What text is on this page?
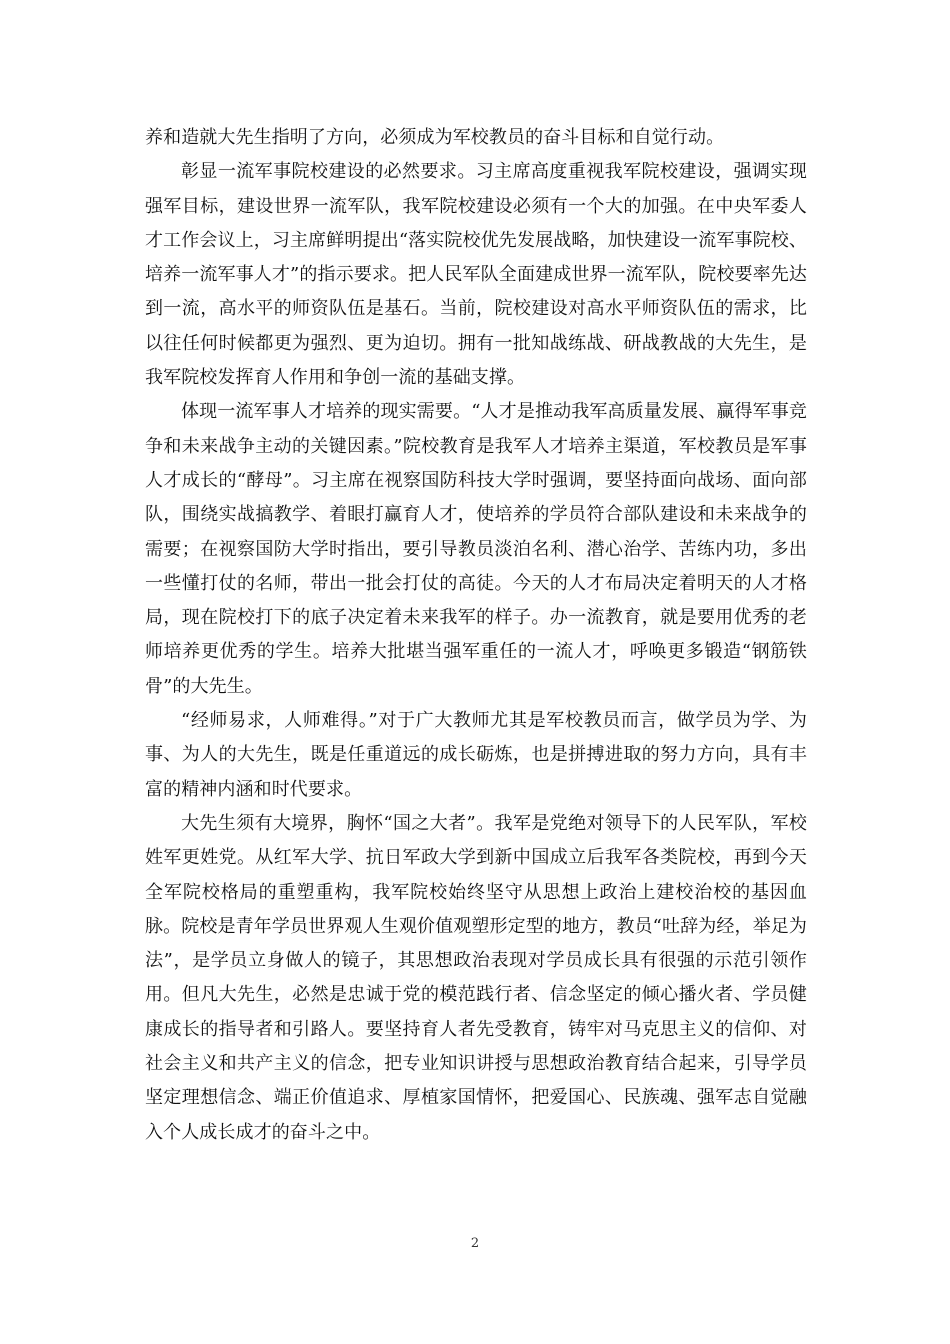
养和造就大先生指明了方向，必须成为军校教员的奋斗目标和自觉行动。

彰显一流军事院校建设的必然要求。习主席高度重视我军院校建设，强调实现强军目标，建设世界一流军队，我军院校建设必须有一个大的加强。在中央军委人才工作会议上，习主席鲜明提出“落实院校优先发展战略，加快建设一流军事院校、培养一流军事人才”的指示要求。把人民军队全面建成世界一流军队，院校要率先达到一流，高水平的师资队伍是基石。当前，院校建设对高水平师资队伍的需求，比以往任何时候都更为强烈、更为迫切。拥有一批知战练战、研战教战的大先生，是我军院校发挥育人作用和争创一流的基础支撑。

体现一流军事人才培养的现实需要。“人才是推动我军高质量发展、赢得军事竞争和未来战争主动的关键因素。”院校教育是我军人才培养主渠道，军校教员是军事人才成长的“酵母”。习主席在视察国防科技大学时强调，要坚持面向战场、面向部队，围绕实战搞教学、着眼打赢育人才，使培养的学员符合部队建设和未来战争的需要；在视察国防大学时指出，要引导教员淡泊名利、潜心治学、苦练内功，多出一些懂打仗的名师，带出一批会打仗的高徒。今天的人才布局决定着明天的人才格局，现在院校打下的底子决定着未来我军的样子。办一流教育，就是要用优秀的老师培养更优秀的学生。培养大批堪当强军重任的一流人才，呼唤更多锻造“钢筋铁骨”的大先生。

“经师易求，人师难得。”对于广大教师尤其是军校教员而言，做学员为学、为事、为人的大先生，既是任重道远的成长砺炼，也是拼搏进取的努力方向，具有丰富的精神内涵和时代要求。

大先生须有大境界，胸怀“国之大者”。我军是党绝对领导下的人民军队，军校姓军更姓党。从红军大学、抗日军政大学到新中国成立后我军各类院校，再到今天全军院校格局的重塑重构，我军院校始终坚守从思想上政治上建校治校的基因血脉。院校是青年学员世界观人生观价值观塑形定型的地方，教员“吐辞为经，举足为法”，是学员立身做人的镜子，其思想政治表现对学员成长具有很强的示范引领作用。但凡大先生，必然是忠诚于党的模范践行者、信念坚定的倾心播火者、学员健康成长的指导者和引路人。要坚持育人者先受教育，铸牢对马克思主义的信仰、对社会主义和共产主义的信念，把专业知识讲授与思想政治教育结合起来，引导学员坚定理想信念、端正价值追求、厚植家国情怀，把爱国心、民族魂、强军志自觉融入个人成长成才的奋斗之中。

2
